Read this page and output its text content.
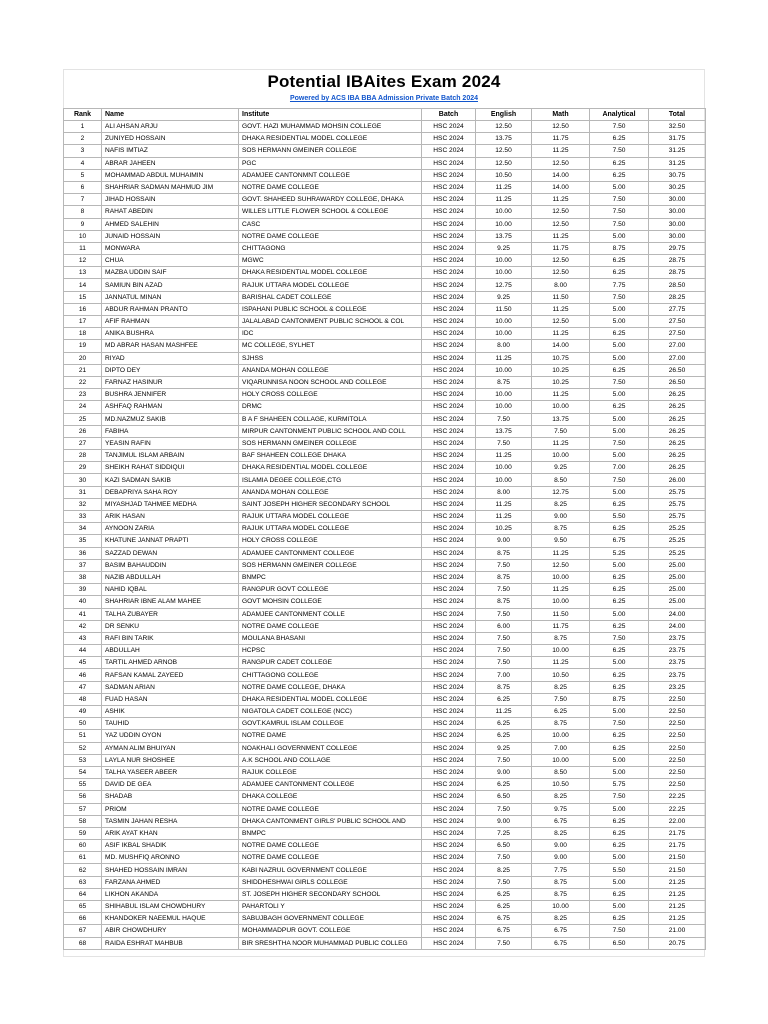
Potential IBAites Exam 2024
Powered by ACS IBA BBA Admission Private Batch 2024
Rank	Name	Institute	Batch	English	Math	Analytical	Total
1	ALI AHSAN ARJU	GOVT. HAZI MUHAMMAD MOHSIN COLLEGE	HSC 2024	12.50	12.50	7.50	32.50
2	ZUNIYED HOSSAIN	DHAKA RESIDENTIAL MODEL COLLEGE	HSC 2024	13.75	11.75	6.25	31.75
3	NAFIS IMTIAZ	SOS HERMANN GMEINER COLLEGE	HSC 2024	12.50	11.25	7.50	31.25
4	ABRAR JAHEEN	PGC	HSC 2024	12.50	12.50	6.25	31.25
5	MOHAMMAD ABDUL MUHAIMIN	ADAMJEE CANTONMNT COLLEGE	HSC 2024	10.50	14.00	6.25	30.75
6	SHAHRIAR SADMAN MAHMUD JIM	NOTRE DAME COLLEGE	HSC 2024	11.25	14.00	5.00	30.25
7	JIHAD HOSSAIN	GOVT. SHAHEED SUHRAWARDY COLLEGE, DHAKA	HSC 2024	11.25	11.25	7.50	30.00
8	RAHAT ABEDIN	WILLES LITTLE FLOWER SCHOOL & COLLEGE	HSC 2024	10.00	12.50	7.50	30.00
9	AHMED SALEHIN	CASC	HSC 2024	10.00	12.50	7.50	30.00
10	JUNAID HOSSAIN	NOTRE DAME COLLEGE	HSC 2024	13.75	11.25	5.00	30.00
11	MONWARA	CHITTAGONG	HSC 2024	9.25	11.75	8.75	29.75
12	CHUA	MGWC	HSC 2024	10.00	12.50	6.25	28.75
13	MAZBA UDDIN SAIF	DHAKA RESIDENTIAL MODEL COLLEGE	HSC 2024	10.00	12.50	6.25	28.75
14	SAMIUN BIN AZAD	RAJUK UTTARA MODEL COLLEGE	HSC 2024	12.75	8.00	7.75	28.50
15	JANNATUL MINAN	BARISHAL CADET COLLEGE	HSC 2024	9.25	11.50	7.50	28.25
16	ABDUR RAHMAN PRANTO	ISPAHANI PUBLIC SCHOOL & COLLEGE	HSC 2024	11.50	11.25	5.00	27.75
17	AFIF RAHMAN	JALALABAD CANTONMENT PUBLIC SCHOOL & COL	HSC 2024	10.00	12.50	5.00	27.50
18	ANIKA BUSHRA	IDC	HSC 2024	10.00	11.25	6.25	27.50
19	MD ABRAR HASAN MASHFEE	MC COLLEGE, SYLHET	HSC 2024	8.00	14.00	5.00	27.00
20	RIYAD	SJHSS	HSC 2024	11.25	10.75	5.00	27.00
21	DIPTO DEY	ANANDA MOHAN COLLEGE	HSC 2024	10.00	10.25	6.25	26.50
22	FARNAZ HASINUR	VIQARUNNISA NOON SCHOOL AND COLLEGE	HSC 2024	8.75	10.25	7.50	26.50
23	BUSHRA JENNIFER	HOLY CROSS COLLEGE	HSC 2024	10.00	11.25	5.00	26.25
24	ASHFAQ RAHMAN	DRMC	HSC 2024	10.00	10.00	6.25	26.25
25	MD.NAZMUZ SAKIB	B A F SHAHEEN COLLAGE, KURMITOLA	HSC 2024	7.50	13.75	5.00	26.25
26	FABIHA	MIRPUR CANTONMENT PUBLIC SCHOOL AND COLL	HSC 2024	13.75	7.50	5.00	26.25
27	YEASIN RAFIN	SOS HERMANN GMEINER COLLEGE	HSC 2024	7.50	11.25	7.50	26.25
28	TANJIMUL ISLAM ARBAIN	BAF SHAHEEN COLLEGE DHAKA	HSC 2024	11.25	10.00	5.00	26.25
29	SHEIKH RAHAT SIDDIQUI	DHAKA RESIDENTIAL MODEL COLLEGE	HSC 2024	10.00	9.25	7.00	26.25
30	KAZI SADMAN SAKIB	ISLAMIA DEGEE COLLEGE,CTG	HSC 2024	10.00	8.50	7.50	26.00
31	DEBAPRIYA SAHA ROY	ANANDA MOHAN COLLEGE	HSC 2024	8.00	12.75	5.00	25.75
32	MIYASHJAD TAHMEE MEDHA	SAINT JOSEPH HIGHER SECONDARY SCHOOL	HSC 2024	11.25	8.25	6.25	25.75
33	ARIK HASAN	RAJUK UTTARA MODEL COLLEGE	HSC 2024	11.25	9.00	5.50	25.75
34	AYNOON ZARIA	RAJUK UTTARA MODEL COLLEGE	HSC 2024	10.25	8.75	6.25	25.25
35	KHATUNE JANNAT PRAPTI	HOLY CROSS COLLEGE	HSC 2024	9.00	9.50	6.75	25.25
36	SAZZAD DEWAN	ADAMJEE CANTONMENT COLLEGE	HSC 2024	8.75	11.25	5.25	25.25
37	BASIM BAHAUDDIN	SOS HERMANN GMEINER COLLEGE	HSC 2024	7.50	12.50	5.00	25.00
38	NAZIB ABDULLAH	BNMPC	HSC 2024	8.75	10.00	6.25	25.00
39	NAHID IQBAL	RANGPUR GOVT COLLEGE	HSC 2024	7.50	11.25	6.25	25.00
40	SHAHRIAR IBNE ALAM MAHEE	GOVT MOHSIN COLLEGE	HSC 2024	8.75	10.00	6.25	25.00
41	TALHA ZUBAYER	ADAMJEE CANTONMENT COLLE	HSC 2024	7.50	11.50	5.00	24.00
42	DR SENKU	NOTRE DAME COLLEGE	HSC 2024	6.00	11.75	6.25	24.00
43	RAFI BIN TARIK	MOULANA BHASANI	HSC 2024	7.50	8.75	7.50	23.75
44	ABDULLAH	HCPSC	HSC 2024	7.50	10.00	6.25	23.75
45	TARTIL AHMED ARNOB	RANGPUR CADET COLLEGE	HSC 2024	7.50	11.25	5.00	23.75
46	RAFSAN KAMAL ZAYEED	CHITTAGONG COLLEGE	HSC 2024	7.00	10.50	6.25	23.75
47	SADMAN ARIAN	NOTRE DAME COLLEGE, DHAKA	HSC 2024	8.75	8.25	6.25	23.25
48	FUAD HASAN	DHAKA RESIDENTIAL MODEL COLLEGE	HSC 2024	6.25	7.50	8.75	22.50
49	ASHIK	NIGATOLA CADET COLLEGE (NCC)	HSC 2024	11.25	6.25	5.00	22.50
50	TAUHID	GOVT.KAMRUL ISLAM COLLEGE	HSC 2024	6.25	8.75	7.50	22.50
51	YAZ UDDIN OYON	NOTRE DAME	HSC 2024	6.25	10.00	6.25	22.50
52	AYMAN ALIM BHUIYAN	NOAKHALI GOVERNMENT COLLEGE	HSC 2024	9.25	7.00	6.25	22.50
53	LAYLA NUR SHOSHEE	A.K SCHOOL AND COLLAGE	HSC 2024	7.50	10.00	5.00	22.50
54	TALHA YASEER ABEER	RAJUK COLLEGE	HSC 2024	9.00	8.50	5.00	22.50
55	DAVID DE GEA	ADAMJEE CANTONMENT COLLEGE	HSC 2024	6.25	10.50	5.75	22.50
56	SHADAB	DHAKA COLLEGE	HSC 2024	6.50	8.25	7.50	22.25
57	PRIOM	NOTRE DAME COLLEGE	HSC 2024	7.50	9.75	5.00	22.25
58	TASMIN JAHAN RESHA	DHAKA CANTONMENT GIRLS' PUBLIC SCHOOL AND	HSC 2024	9.00	6.75	6.25	22.00
59	ARIK AYAT KHAN	BNMPC	HSC 2024	7.25	8.25	6.25	21.75
60	ASIF IKBAL SHADIK	NOTRE DAME COLLEGE	HSC 2024	6.50	9.00	6.25	21.75
61	MD. MUSHFIQ ARONNO	NOTRE DAME COLLEGE	HSC 2024	7.50	9.00	5.00	21.50
62	SHAHED HOSSAIN IMRAN	KABI NAZRUL GOVERNMENT COLLEGE	HSC 2024	8.25	7.75	5.50	21.50
63	FARZANA AHMED	SHIDDHESHWAI GIRLS COLLEGE	HSC 2024	7.50	8.75	5.00	21.25
64	LIKHON AKANDA	ST. JOSEPH HIGHER SECONDARY SCHOOL	HSC 2024	6.25	8.75	6.25	21.25
65	SHIHABUL ISLAM CHOWDHURY	PAHARTOLI Y	HSC 2024	6.25	10.00	5.00	21.25
66	KHANDOKER NAEEMUL HAQUE	SABUJBAGH GOVERNMENT COLLEGE	HSC 2024	6.75	8.25	6.25	21.25
67	ABIR CHOWDHURY	MOHAMMADPUR GOVT. COLLEGE	HSC 2024	6.75	6.75	7.50	21.00
68	RAIDA ESHRAT MAHBUB	BIR SRESHTHA NOOR MUHAMMAD PUBLIC COLLEG	HSC 2024	7.50	6.75	6.50	20.75
